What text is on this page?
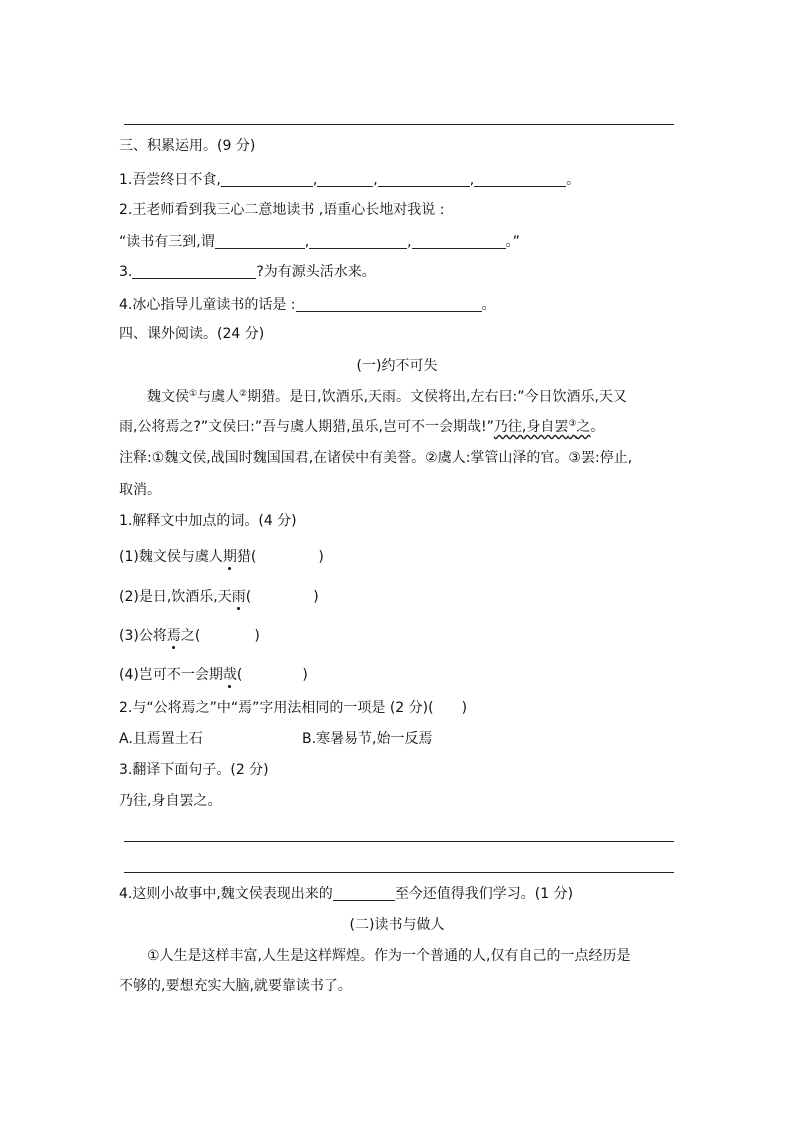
三、积累运用。(9 分)
1.吾尝终日不食,	,	,	,	。
2.王老师看到我三心二意地读书 ,语重心长地对我说 :
“读书有三到,谓	,	,	。”
3.	?为有源头活水来。
4.冰心指导儿童读书的话是 :	。
四、课外阅读。(24 分)
(一)约不可失
魏文侯①与虞人②期猎。是日,饮酒乐,天雨。文侯将出,左右曰:”今日饮酒乐,天又
雨,公将焉之?”文侯曰:”吾与虞人期猎,虽乐,岂可不一会期哉!”乃往,身自罢③之。
注释:①魏文侯,战国时魏国国君,在诸侯中有美誉。②虞人:掌管山泽的官。③罢:停止,
取消。
1.解释文中加点的词。(4 分)
(1)魏文侯与虞人期猎(	)
(2)是日,饮酒乐,天雨(	)
(3)公将焉之(	)
(4)岂可不一会期哉(	)
2.与“公将焉之”中“焉”字用法相同的一项是 (2 分)( )
A.且焉置土石	B.寒暑易节,始一反焉
3.翻译下面句子。(2 分)
乃往,身自罢之。
4.这则小故事中,魏文侯表现出来的	至今还值得我们学习。(1 分)
(二)读书与做人
①人生是这样丰富,人生是这样辉煌。作为一个普通的人,仅有自己的一点经历是
不够的,要想充实大脑,就要靠读书了。
